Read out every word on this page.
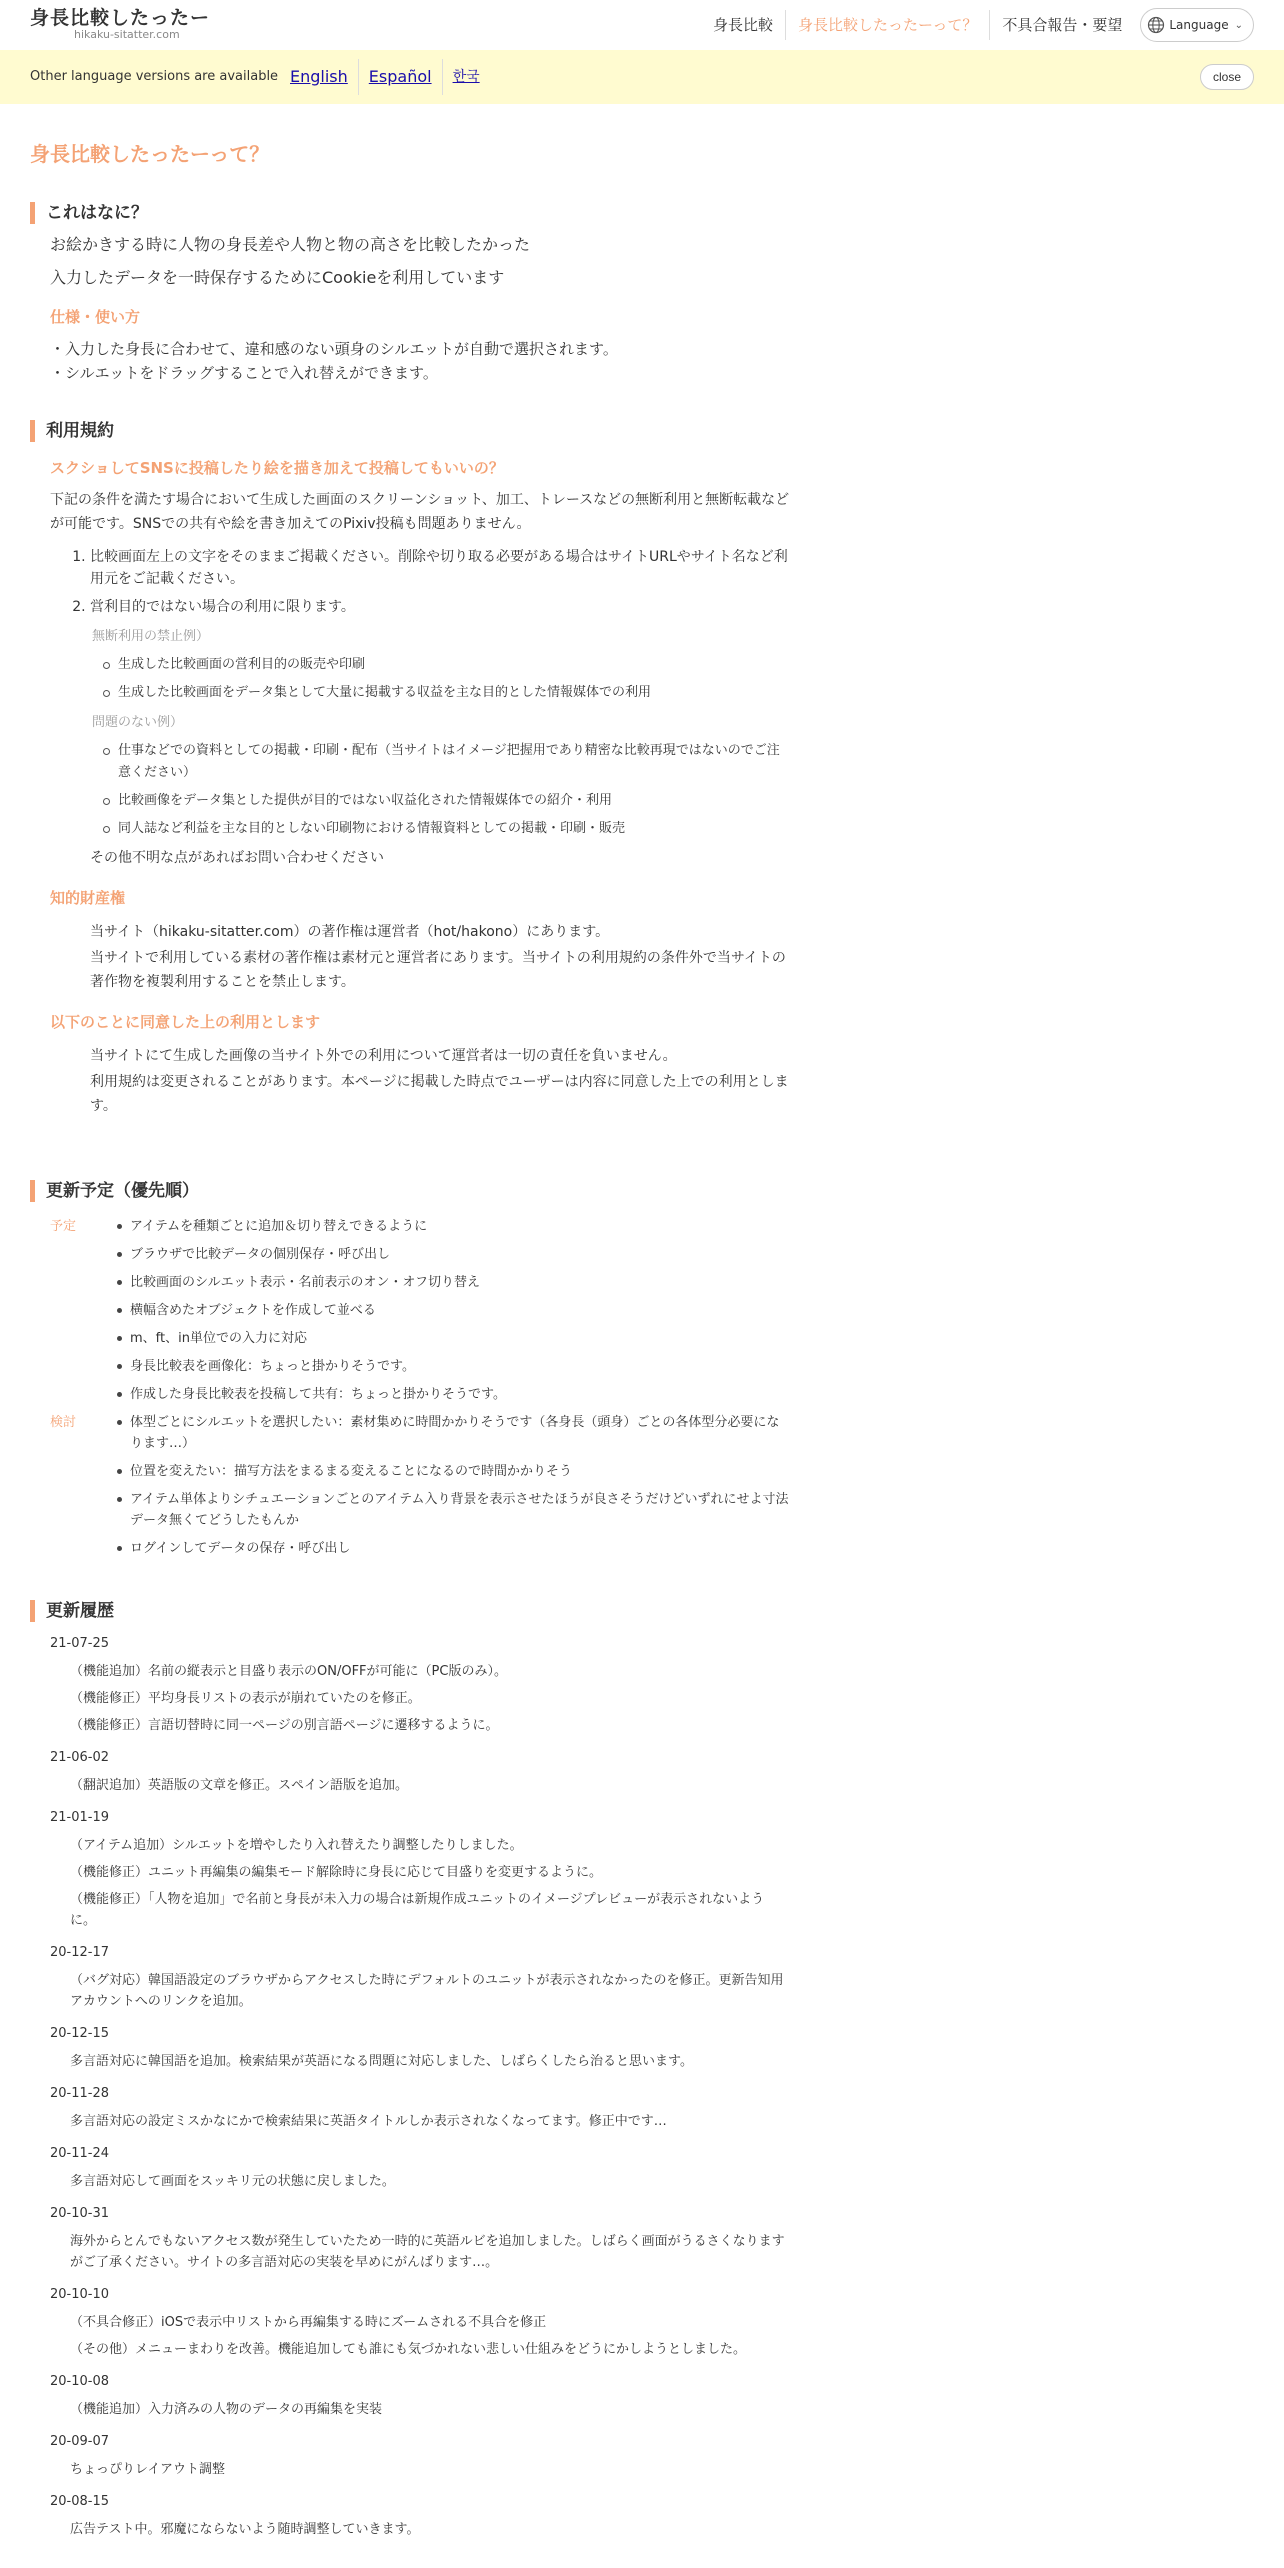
身長比較したったー
hikaku-sitatter.com
身長比較	身長比較したったーって？	不具合報告・要望	Language ⌄
Other language versions are available English	Español	한국	close
身長比較したったーって？
これはなに？

お絵かきする時に人物の身長差や人物と物の高さを比較したかった

入力したデータを一時保存するためにCookieを利用しています

仕様・使い方

・入力した身長に合わせて、違和感のない頭身のシルエットが自動で選択されます。

・シルエットをドラッグすることで入れ替えができます。

利用規約
スクショしてSNSに投稿したり絵を描き加えて投稿してもいいの？

下記の条件を満たす場合において生成した画面のスクリーンショット、加工、トレースなどの無断利用と無断転載などが可能です。SNSでの共有や絵を書き加えてのPixiv投稿も問題ありません。

1. 比較画面左上の文字をそのままご掲載ください。削除や切り取る必要がある場合はサイトURLやサイト名など利用元をご記載ください。
2. 営利目的ではない場合の利用に限ります。
無断利用の禁止例）
生成した比較画面の営利目的の販売や印刷
生成した比較画面をデータ集として大量に掲載する収益を主な目的とした情報媒体での利用
問題のない例）
仕事などでの資料としての掲載・印刷・配布（当サイトはイメージ把握用であり精密な比較再現ではないのでご注意ください）
比較画像をデータ集とした提供が目的ではない収益化された情報媒体での紹介・利用
同人誌など利益を主な目的としない印刷物における情報資料としての掲載・印刷・販売

その他不明な点があればお問い合わせください

知的財産権

当サイト（hikaku-sitatter.com）の著作権は運営者（hot/hakono）にあります。

当サイトで利用している素材の著作権は素材元と運営者にあります。当サイトの利用規約の条件外で当サイトの著作物を複製利用することを禁止します。

以下のことに同意した上の利用とします

当サイトにて生成した画像の当サイト外での利用について運営者は一切の責任を負いません。

利用規約は変更されることがあります。本ページに掲載した時点でユーザーは内容に同意した上での利用とします。

更新予定（優先順）
予定	アイテムを種類ごとに追加＆切り替えできるように
ブラウザで比較データの個別保存・呼び出し
比較画面のシルエット表示・名前表示のオン・オフ切り替え
横幅含めたオブジェクトを作成して並べる
m、ft、in単位での入力に対応
身長比較表を画像化：ちょっと掛かりそうです。
作成した身長比較表を投稿して共有：ちょっと掛かりそうです。
検討	体型ごとにシルエットを選択したい：素材集めに時間かかりそうです（各身長（頭身）ごとの各体型分必要になります…）
位置を変えたい：描写方法をまるまる変えることになるので時間かかりそう
アイテム単体よりシチュエーションごとのアイテム入り背景を表示させたほうが良さそうだけどいずれにせよ寸法データ無くてどうしたもんか
ログインしてデータの保存・呼び出し
更新履歴
21-07-25
（機能追加）名前の縦表示と目盛り表示のON/OFFが可能に（PC版のみ）。
（機能修正）平均身長リストの表示が崩れていたのを修正。
（機能修正）言語切替時に同一ページの別言語ページに遷移するように。
21-06-02
（翻訳追加）英語版の文章を修正。スペイン語版を追加。
21-01-19
（アイテム追加）シルエットを増やしたり入れ替えたり調整したりしました。
（機能修正）ユニット再編集の編集モード解除時に身長に応じて目盛りを変更するように。
（機能修正）「人物を追加」で名前と身長が未入力の場合は新規作成ユニットのイメージプレビューが表示されないように。
20-12-17
（バグ対応）韓国語設定のブラウザからアクセスした時にデフォルトのユニットが表示されなかったのを修正。更新告知用アカウントへのリンクを追加。
20-12-15
多言語対応に韓国語を追加。検索結果が英語になる問題に対応しました、しばらくしたら治ると思います。
20-11-28
多言語対応の設定ミスかなにかで検索結果に英語タイトルしか表示されなくなってます。修正中です…
20-11-24
多言語対応して画面をスッキリ元の状態に戻しました。
20-10-31
海外からとんでもないアクセス数が発生していたため一時的に英語ルビを追加しました。しばらく画面がうるさくなりますがご了承ください。サイトの多言語対応の実装を早めにがんばります…。
20-10-10
（不具合修正）iOSで表示中リストから再編集する時にズームされる不具合を修正
（その他）メニューまわりを改善。機能追加しても誰にも気づかれない悲しい仕組みをどうにかしようとしました。
20-10-08
（機能追加）入力済みの人物のデータの再編集を実装
20-09-07
ちょっぴりレイアウト調整
20-08-15
広告テスト中。邪魔にならないよう随時調整していきます。
